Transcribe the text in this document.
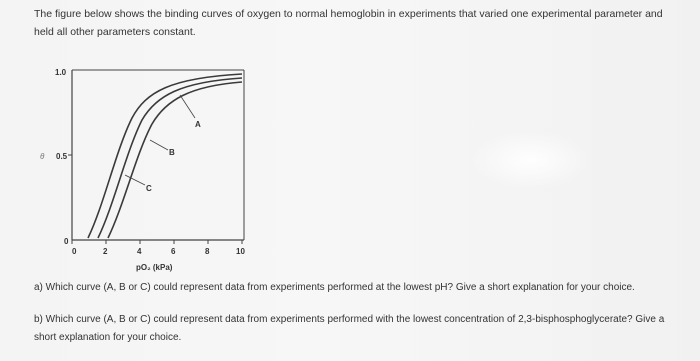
The figure below shows the binding curves of oxygen to normal hemoglobin in experiments that varied one experimental parameter and held all other parameters constant.
1.0
0.5
0
θ
0	2	4	6	8	10
pO₂ (kPa)
A
B
C
a) Which curve (A, B or C) could represent data from experiments performed at the lowest pH? Give a short explanation for your choice.
b) Which curve (A, B or C) could represent data from experiments performed with the lowest concentration of 2,3-bisphosphoglycerate? Give a short explanation for your choice.
